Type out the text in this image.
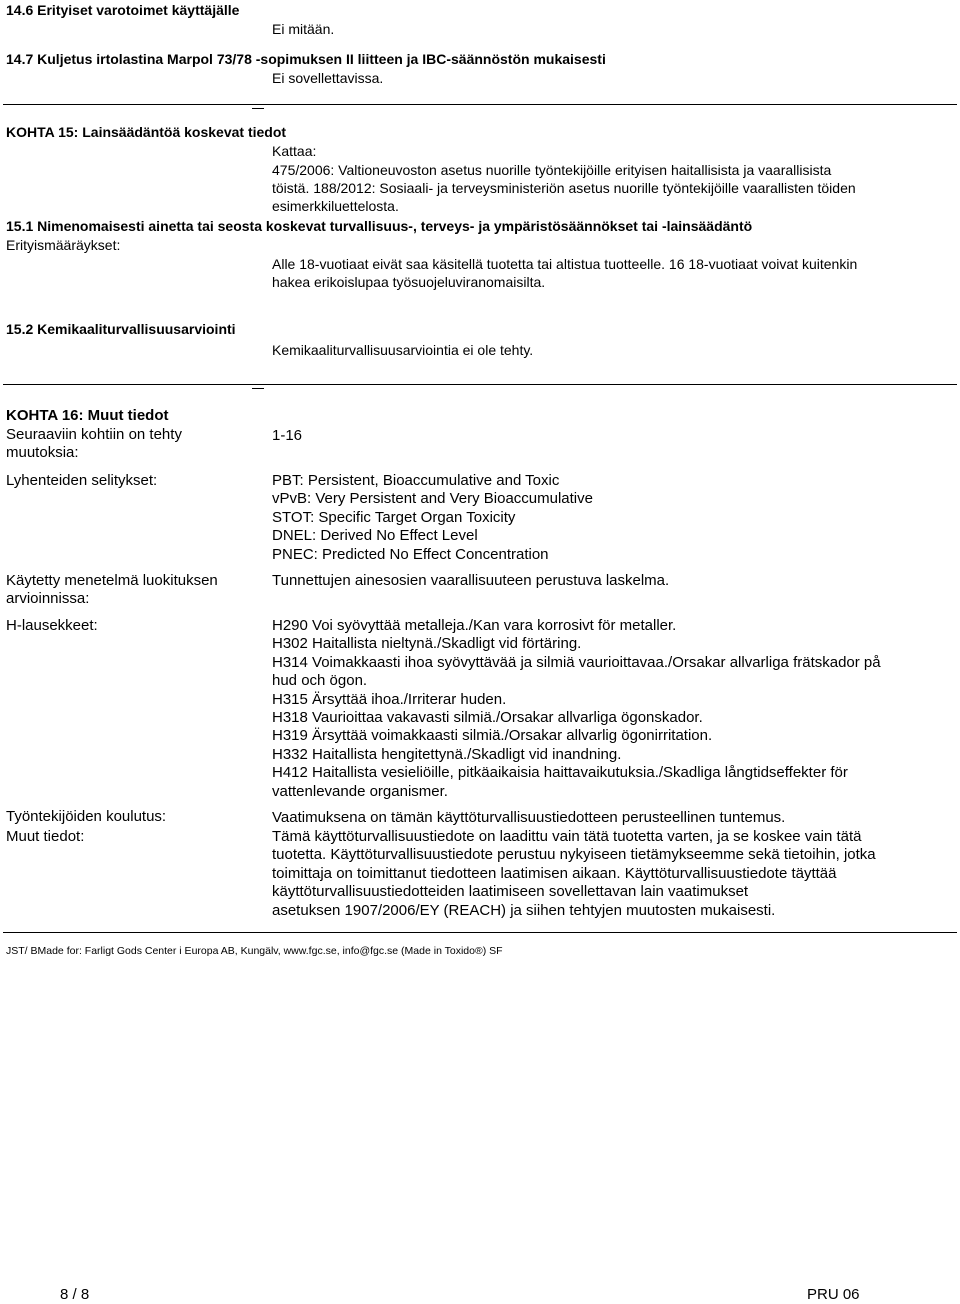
14.6 Erityiset varotoimet käyttäjälle
Ei mitään.
14.7 Kuljetus irtolastina Marpol 73/78 -sopimuksen II liitteen ja IBC-säännöstön mukaisesti
Ei sovellettavissa.
KOHTA 15: Lainsäädäntöä koskevat tiedot
Kattaa:
475/2006: Valtioneuvoston asetus nuorille työntekijöille erityisen haitallisista ja vaarallisista
töistä. 188/2012: Sosiaali- ja terveysministeriön asetus nuorille työntekijöille vaarallisten töiden
esimerkkiluettelosta.
15.1 Nimenomaisesti ainetta tai seosta koskevat turvallisuus-, terveys- ja ympäristösäännökset tai -lainsäädäntö
Erityismääräykset:
Alle 18-vuotiaat eivät saa käsitellä tuotetta tai altistua tuotteelle. 16 18-vuotiaat voivat kuitenkin
hakea erikoislupaa työsuojeluviranomaisilta.
15.2 Kemikaaliturvallisuusarviointi
Kemikaaliturvallisuusarviointia ei ole tehty.
KOHTA 16: Muut tiedot
Seuraaviin kohtiin on tehty
muutoksia:
1-16
Lyhenteiden selitykset:	PBT: Persistent, Bioaccumulative and Toxic
vPvB: Very Persistent and Very Bioaccumulative
STOT: Specific Target Organ Toxicity
DNEL: Derived No Effect Level
PNEC: Predicted No Effect Concentration
Käytetty menetelmä luokituksen
arvioinnissa:
Tunnettujen ainesosien vaarallisuuteen perustuva laskelma.
H-lausekkeet:	H290 Voi syövyttää metalleja./Kan vara korrosivt för metaller.
H302 Haitallista nieltynä./Skadligt vid förtäring.
H314 Voimakkaasti ihoa syövyttävää ja silmiä vaurioittavaa./Orsakar allvarliga frätskador på
hud och ögon.
H315 Ärsyttää ihoa./Irriterar huden.
H318 Vaurioittaa vakavasti silmiä./Orsakar allvarliga ögonskador.
H319 Ärsyttää voimakkaasti silmiä./Orsakar allvarlig ögonirritation.
H332 Haitallista hengitettynä./Skadligt vid inandning.
H412 Haitallista vesieliöille, pitkäaikaisia haittavaikutuksia./Skadliga långtidseffekter för
vattenlevande organismer.
Työntekijöiden koulutus:	Vaatimuksena on tämän käyttöturvallisuustiedotteen perusteellinen tuntemus.
Muut tiedot:	Tämä käyttöturvallisuustiedote on laadittu vain tätä tuotetta varten, ja se koskee vain tätä
tuotetta. Käyttöturvallisuustiedote perustuu nykyiseen tietämykseemme sekä tietoihin, jotka
toimittaja on toimittanut tiedotteen laatimisen aikaan. Käyttöturvallisuustiedote täyttää
käyttöturvallisuustiedotteiden laatimiseen sovellettavan lain vaatimukset
asetuksen 1907/2006/EY (REACH) ja siihen tehtyjen muutosten mukaisesti.
JST/ BMade for: Farligt Gods Center i Europa AB, Kungälv, www.fgc.se, info@fgc.se (Made in Toxido®) SF
8 / 8	PRU 06
